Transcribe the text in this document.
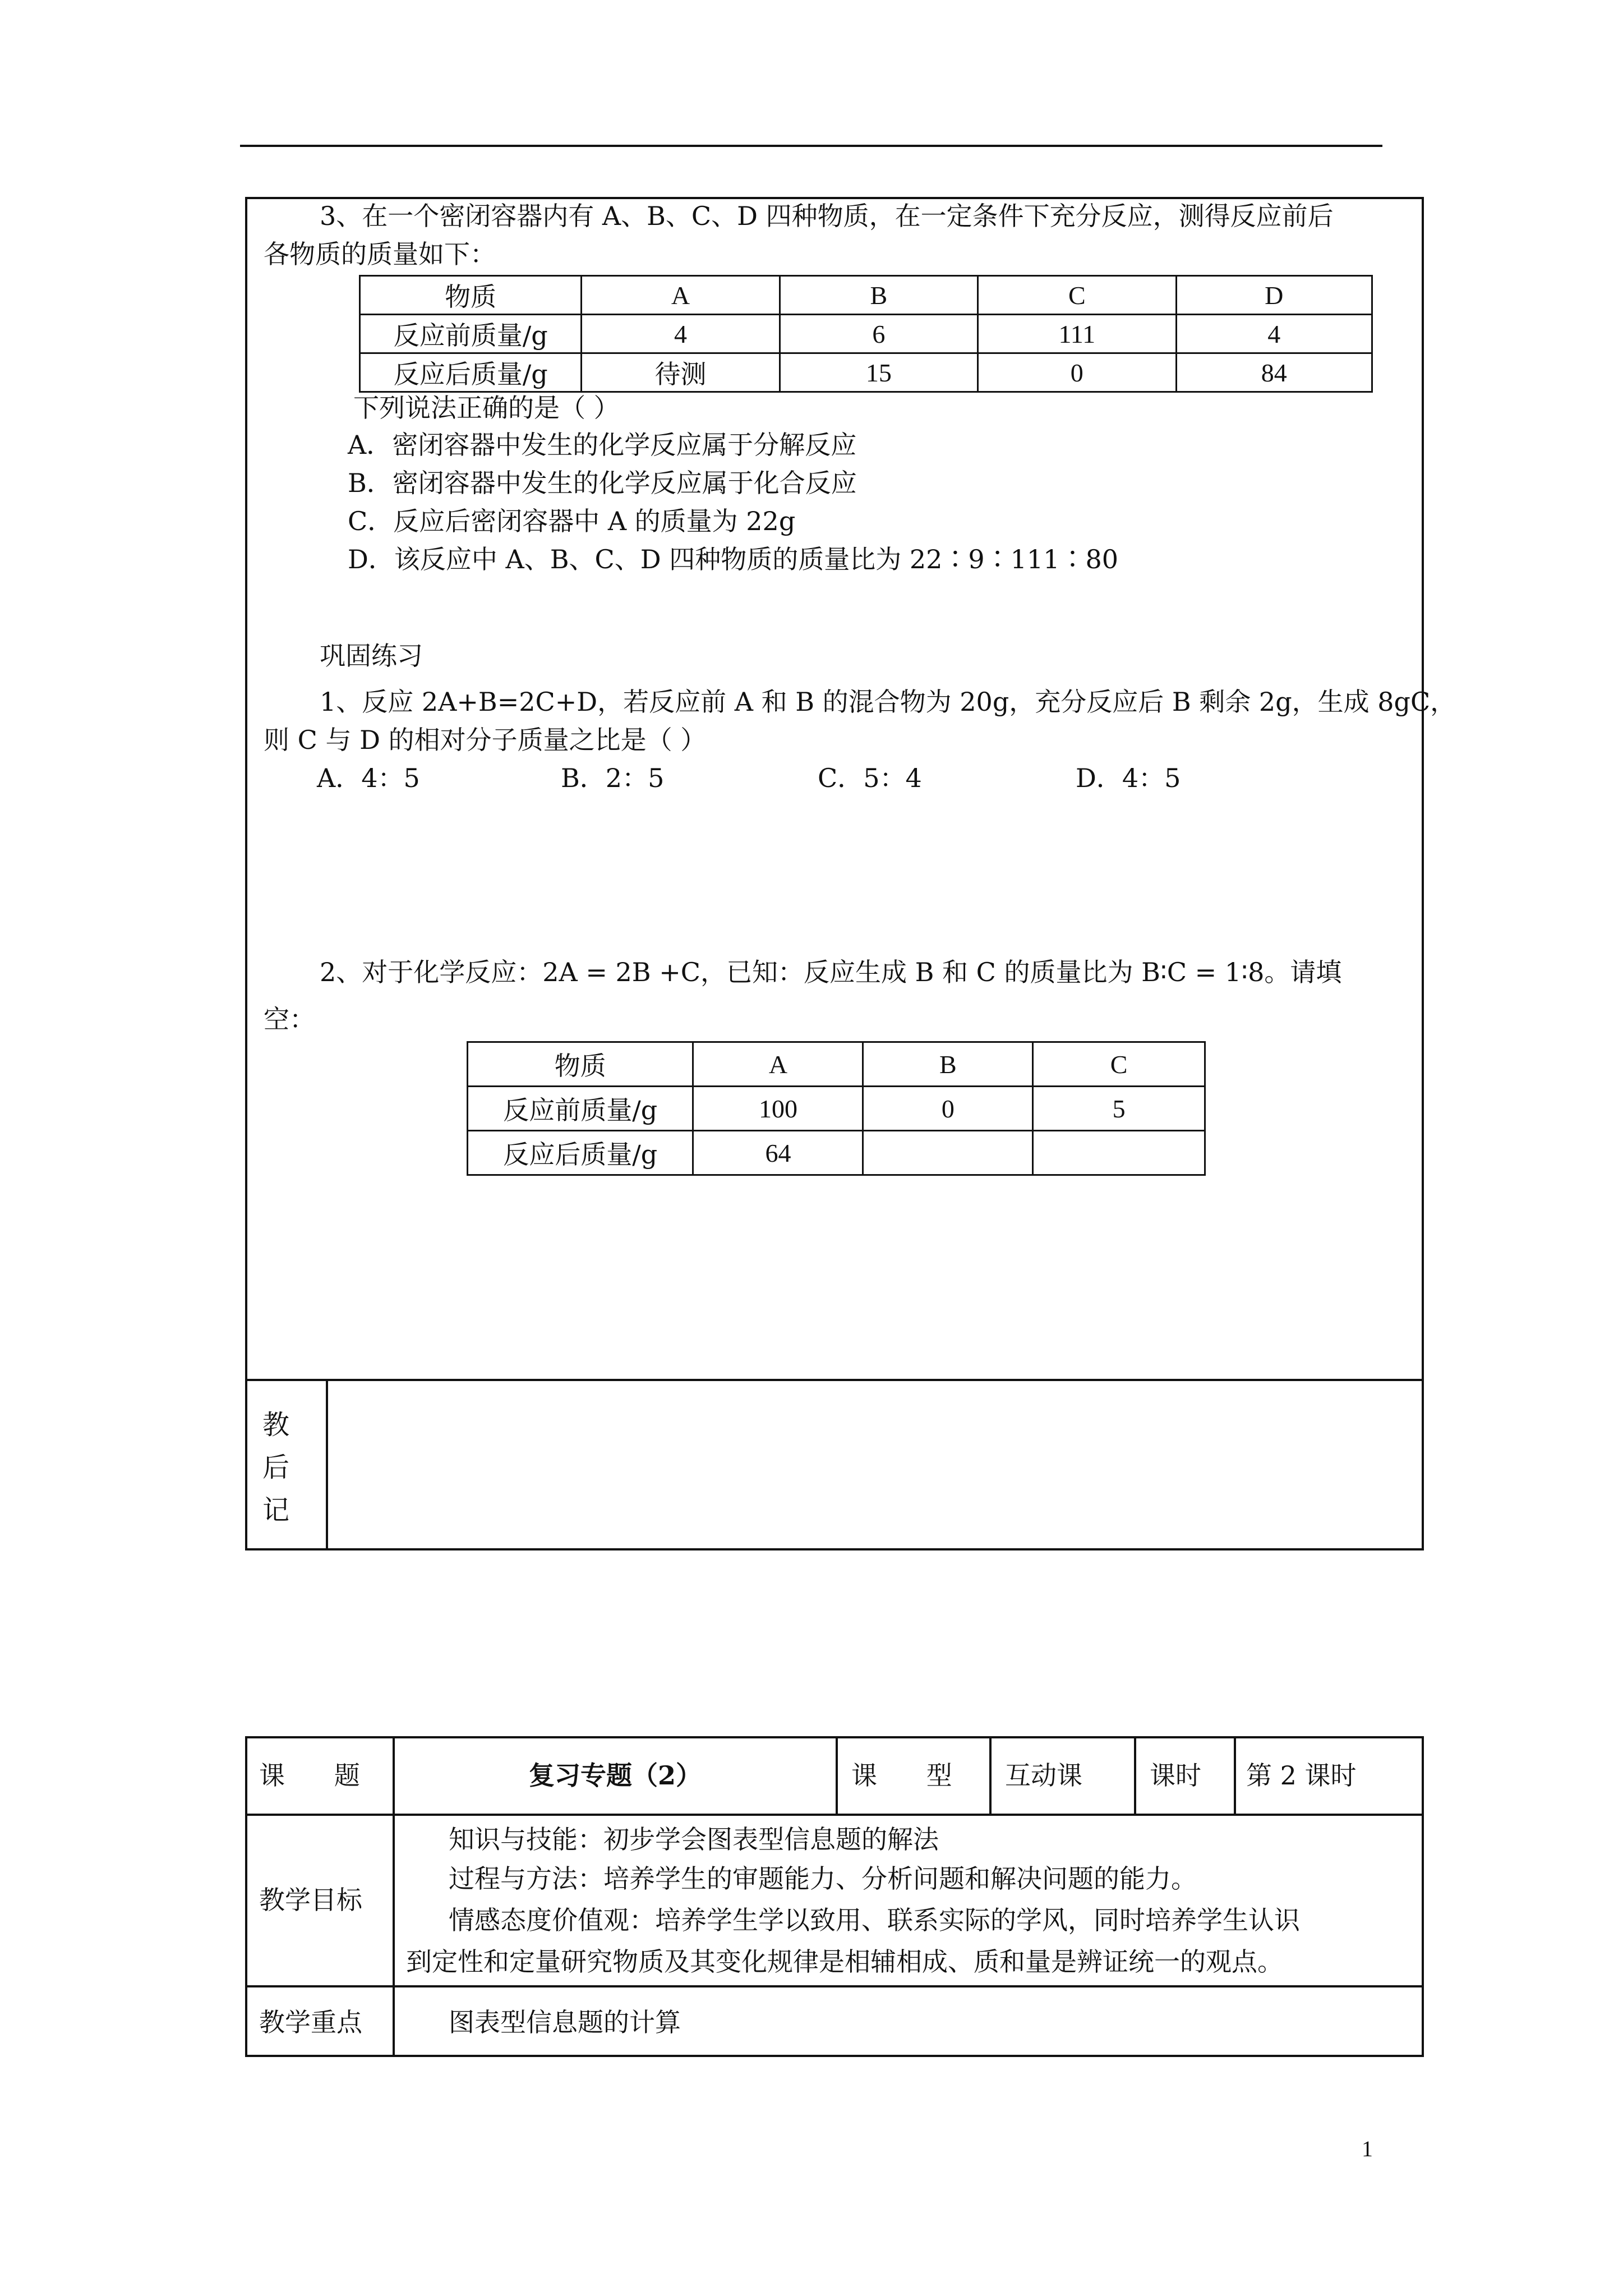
3、在一个密闭容器内有 A、B、C、D 四种物质，在一定条件下充分反应，测得反应前后
各物质的质量如下：
物质	A	B	C	D
反应前质量/g	4	6	111	4
反应后质量/g	待测	15	0	84
下列说法正确的是（ ）
A．密闭容器中发生的化学反应属于分解反应
B．密闭容器中发生的化学反应属于化合反应
C．反应后密闭容器中 A 的质量为 22g
D．该反应中 A、B、C、D 四种物质的质量比为 22∶9∶111∶80
巩固练习
1、反应 2A+B=2C+D，若反应前 A 和 B 的混合物为 20g，充分反应后 B 剩余 2g，生成 8gC，
则 C 与 D 的相对分子质量之比是（ ）
A．4：5	B．2：5	C．5：4	D．4：5
2、对于化学反应：2A = 2B +C，已知：反应生成 B 和 C 的质量比为 B∶C = 1∶8。请填
空：
物质	A	B	C
反应前质量/g	100	0	5
反应后质量/g	64		
教
后
记
课      题	复习专题（2）	课      型 互动课	课时 第 2 课时
教学目标
知识与技能：初步学会图表型信息题的解法
过程与方法：培养学生的审题能力、分析问题和解决问题的能力。
情感态度价值观：培养学生学以致用、联系实际的学风，同时培养学生认识
到定性和定量研究物质及其变化规律是相辅相成、质和量是辨证统一的观点。
教学重点	图表型信息题的计算
1
